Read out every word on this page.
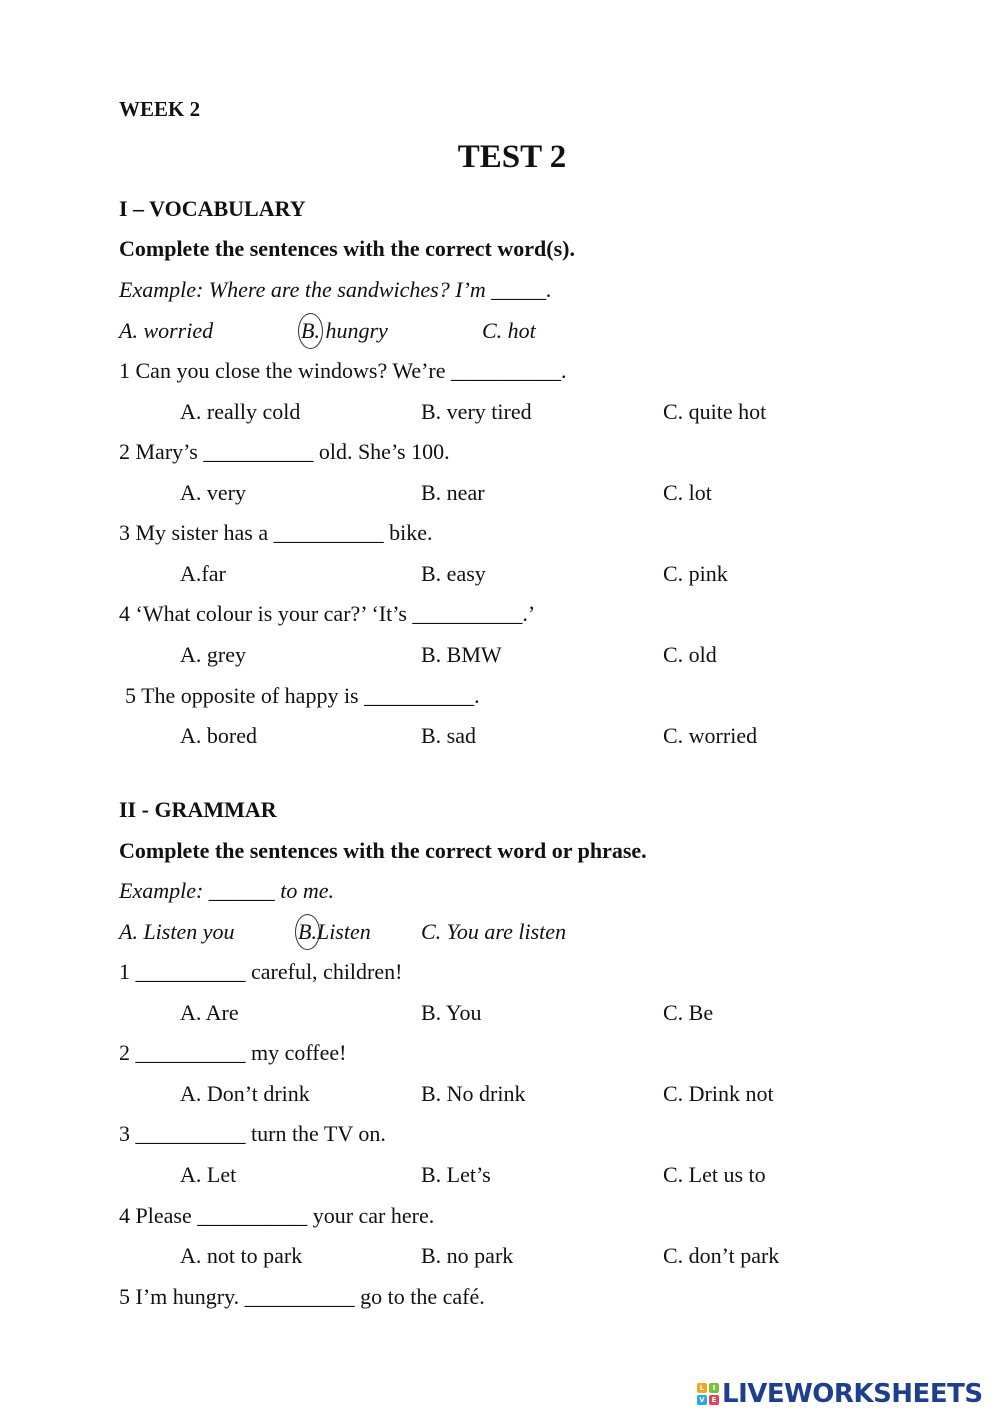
WEEK 2
TEST 2
I – VOCABULARY
Complete the sentences with the correct word(s).
Example: Where are the sandwiches? I’m _____.
A. worried	B. hungry	C. hot
1 Can you close the windows? We’re __________.
A. really cold	B. very tired	C. quite hot
2 Mary’s __________ old. She’s 100.
A. very	B. near	C. lot
3 My sister has a __________ bike.
A.far	B. easy	C. pink
4 ‘What colour is your car?’ ‘It’s __________.’
A. grey	B. BMW	C. old
5 The opposite of happy is __________.
A. bored	B. sad	C. worried
II - GRAMMAR
Complete the sentences with the correct word or phrase.
Example: ______ to me.
A. Listen you	B.Listen C. You are listen
1 __________ careful, children!
A. Are	B. You	C. Be
2 __________ my coffee!
A. Don’t drink	B. No drink	C. Drink not
3 __________ turn the TV on.
A. Let	B. Let’s	C. Let us to
4 Please __________ your car here.
A. not to park	B. no park	C. don’t park
5 I’m hungry. __________ go to the café.
L	I
V E LIVEWORKSHEETS
